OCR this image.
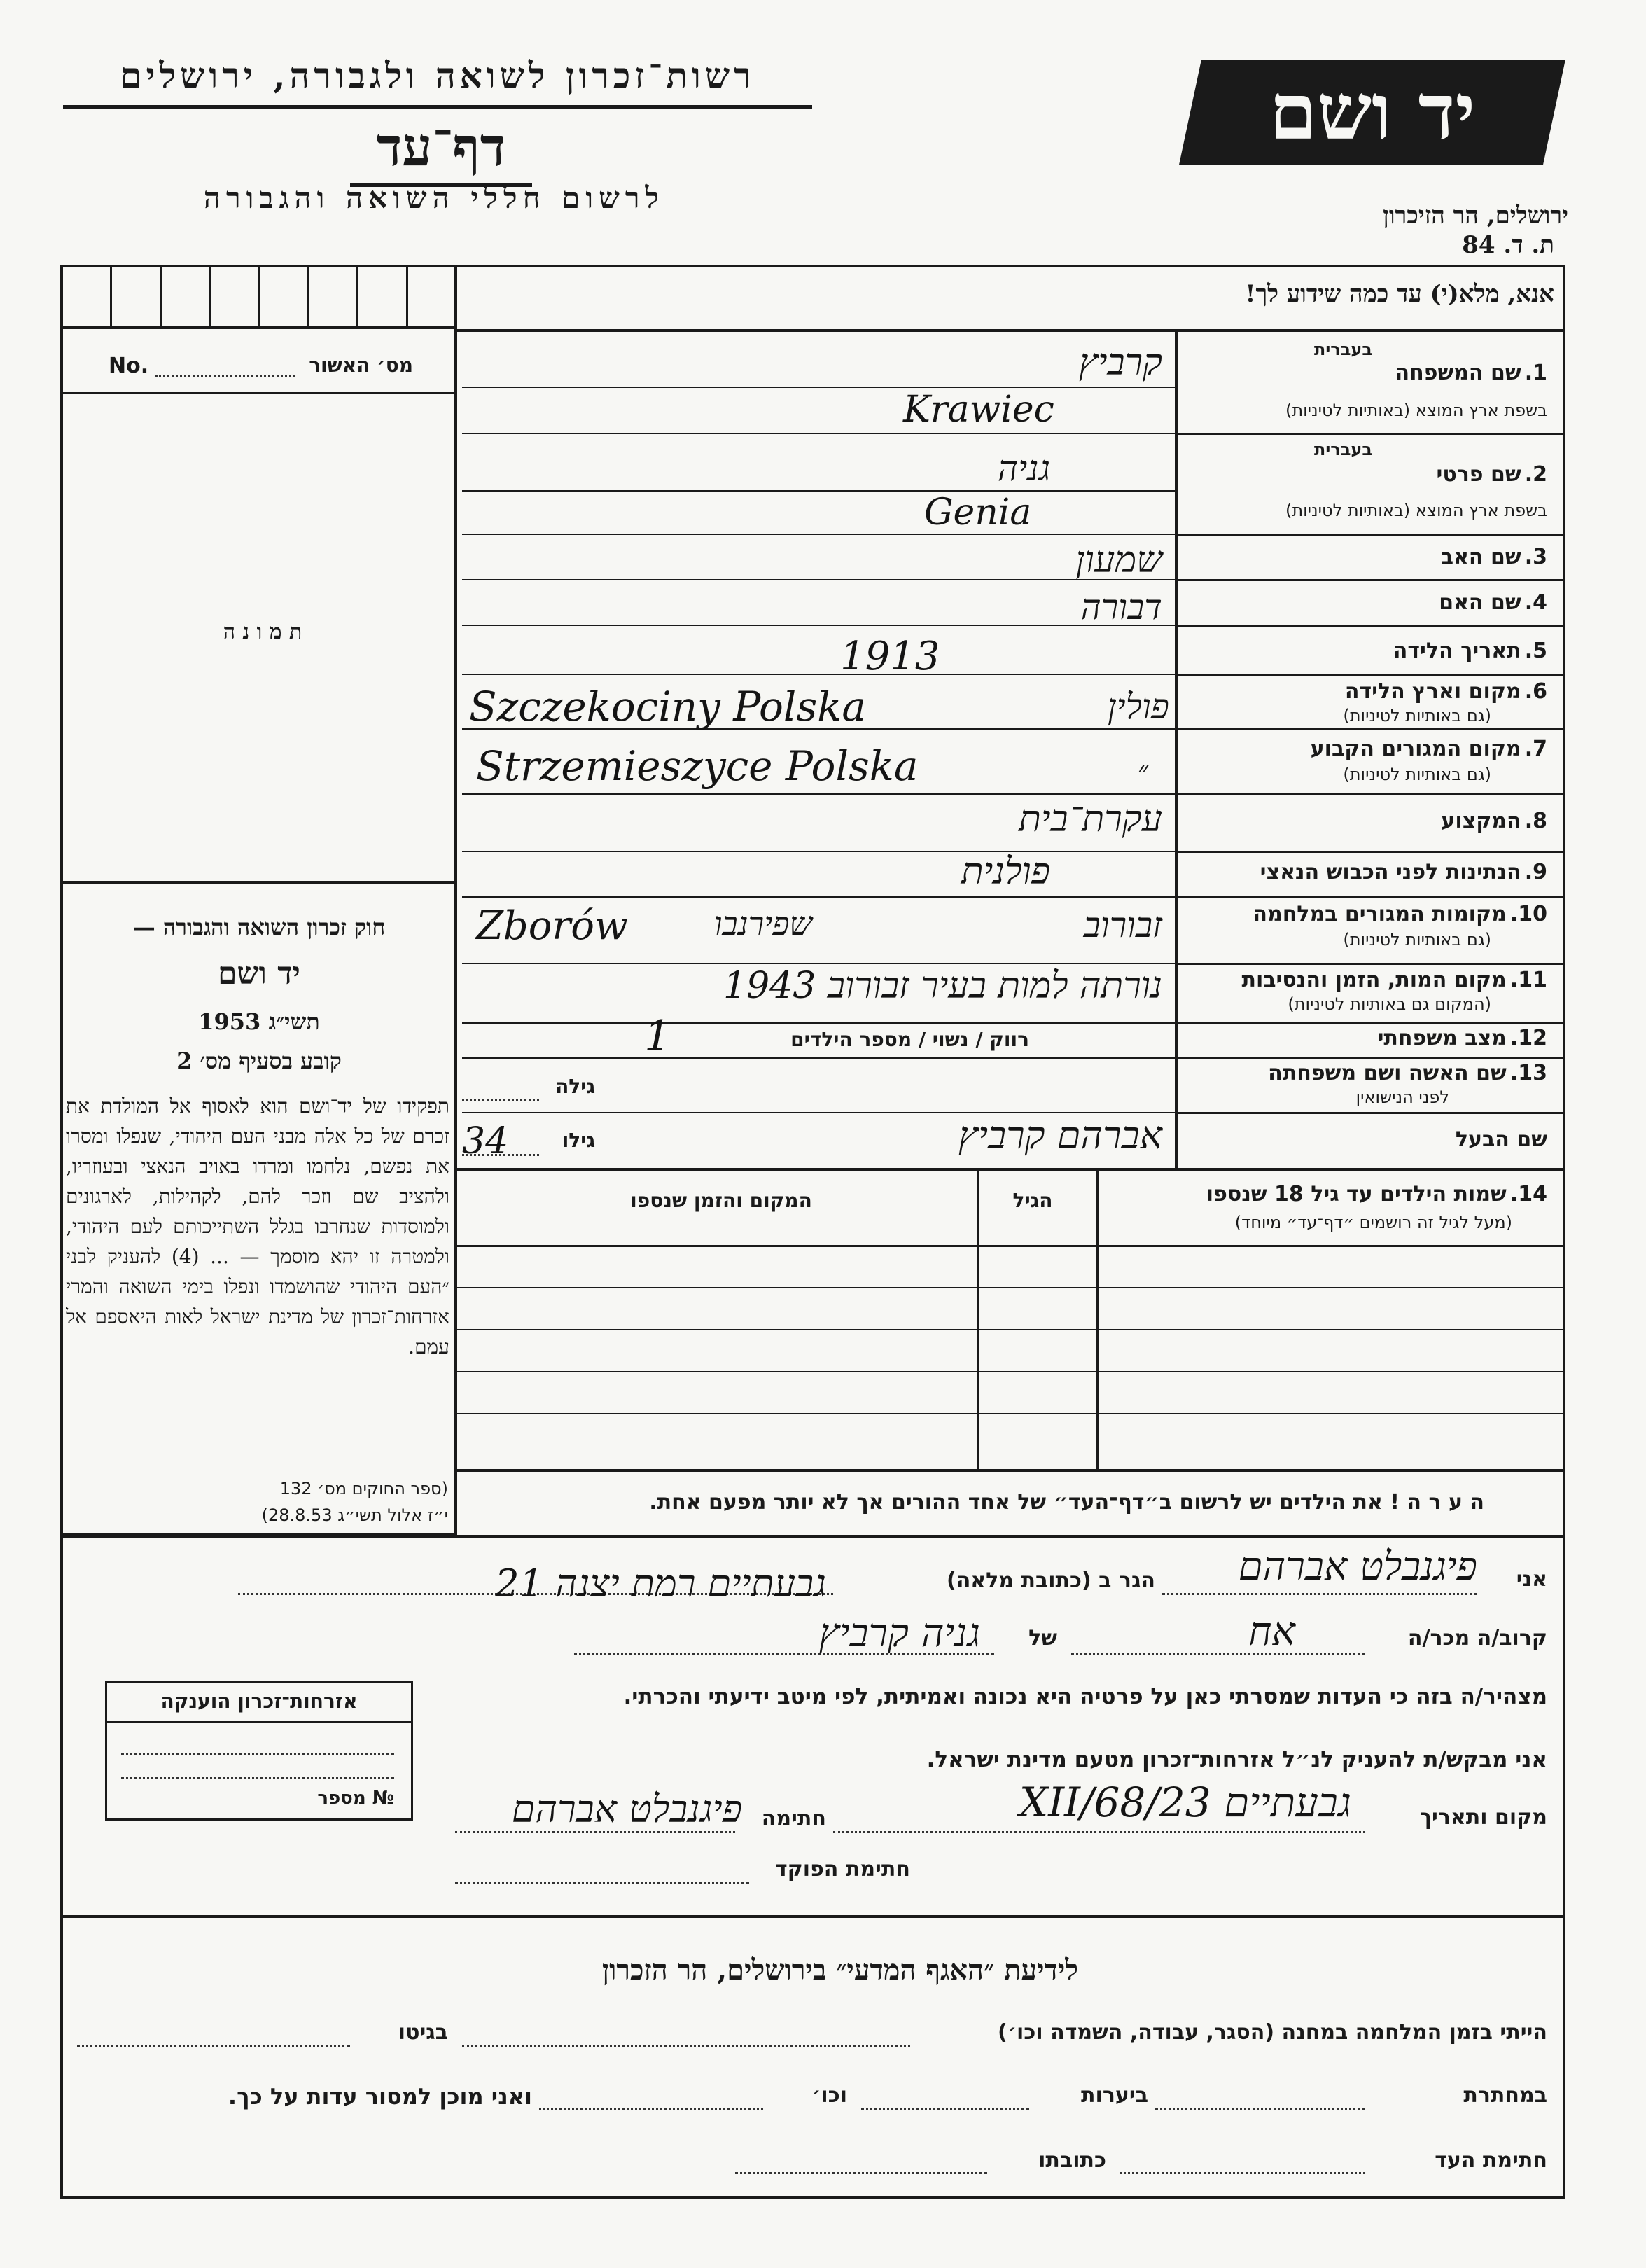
רשות־זכרון לשואה ולגבורה, ירושלים
דף־עד
לרשום חללי השואה והגבורה
יד ושם
ירושלים, הר הזיכרון
ת. ד. 84
אנא, מלא(י) עד כמה שידוע לך!
No.	מס׳ האשור
ת מ ו נ ה
חוק זכרון השואה והגבורה —
יד ושם
תשי״ג 1953
קובע בסעיף מס׳ 2
תפקידו של יד־ושם הוא לאסוף אל המולדת את זכרם של כל אלה מבני העם היהודי, שנפלו ומסרו את נפשם, נלחמו ומרדו באויב הנאצי ובעוזריו, ולהציב שם וזכר להם, לקהילות, לארגונים ולמוסדות שנחרבו בגלל השתייכותם לעם היהודי, ולמטרה זו יהא מוסמך — ... (4) להעניק לבני ״העם היהודי שהושמדו ונפלו בימי השואה והמרי אזרחות־זכרון של מדינת ישראל לאות היאספם אל עמם.
(ספר החוקים מס׳ 132
י״ז אלול תשי״ג 28.8.53)
1. שם המשפחה
בעברית
בשפת ארץ המוצא (באותיות לטיניות)
קרביץ
Krawiec
2. שם פרטי
בעברית
בשפת ארץ המוצא (באותיות לטיניות)
גניה
Genia
3. שם האב
שמעון
4. שם האם
דבורה
5. תאריך הלידה
1913
6. מקום וארץ הלידה
(גם באותיות לטיניות)
Szczekociny Polska	פולין
7. מקום המגורים הקבוע
(גם באותיות לטיניות)
Strzemieszyce Polska	״
8. המקצוע
עקרת־בית
9. הנתינות לפני הכבוש הנאצי
פולנית
10. מקומות המגורים במלחמה
(גם באותיות לטיניות)
Zborów	שפירנבו	זבורוב
11. מקום המות, הזמן והנסיבות
(המקום גם באותיות לטיניות)
נורתה למות בעיר זבורוב 1943
12. מצב משפחתי
רווק / נשוי / מספר הילדים
1
13. שם האשה ושם משפחתה
לפני הנישואין
גילה
שם הבעל
אברהם קרביץ
גילו
34
14. שמות הילדים עד גיל 18 שנספו
(מעל לגיל זה רושמים ״דף־עד״ מיוחד)
הגיל
המקום והזמן שנספו
ה ע ר ה ! את הילדים יש לרשום ב״דף־העד״ של אחד ההורים אך לא יותר מפעם אחת.
אני
פיגנבלט אברהם
הגר ב (כתובת מלאה)
גבעתיים רמת יצנה 21
קרוב/ה מכר/ה
אח
של
גניה קרביץ
מצהיר/ה בזה כי העדות שמסרתי כאן על פרטיה היא נכונה ואמיתית, לפי מיטב ידיעתי והכרתי.
אני מבקש/ת להעניק לנ״ל אזרחות־זכרון מטעם מדינת ישראל.
מקום ותאריך
גבעתיים 23/XII/68
חתימה
פיגנבלט אברהם
חתימת הפוקד
אזרחות־זכרון הוענקה
№ מספר
לידיעת ״האגף המדעי״ בירושלים, הר הזכרון
הייתי בזמן המלחמה במחנה (הסגר, עבודה, השמדה וכו׳)
בגיטו
במחתרת
ביערות
וכו׳
ואני מוכן למסור עדות על כך.
חתימת העד
כתובתו
